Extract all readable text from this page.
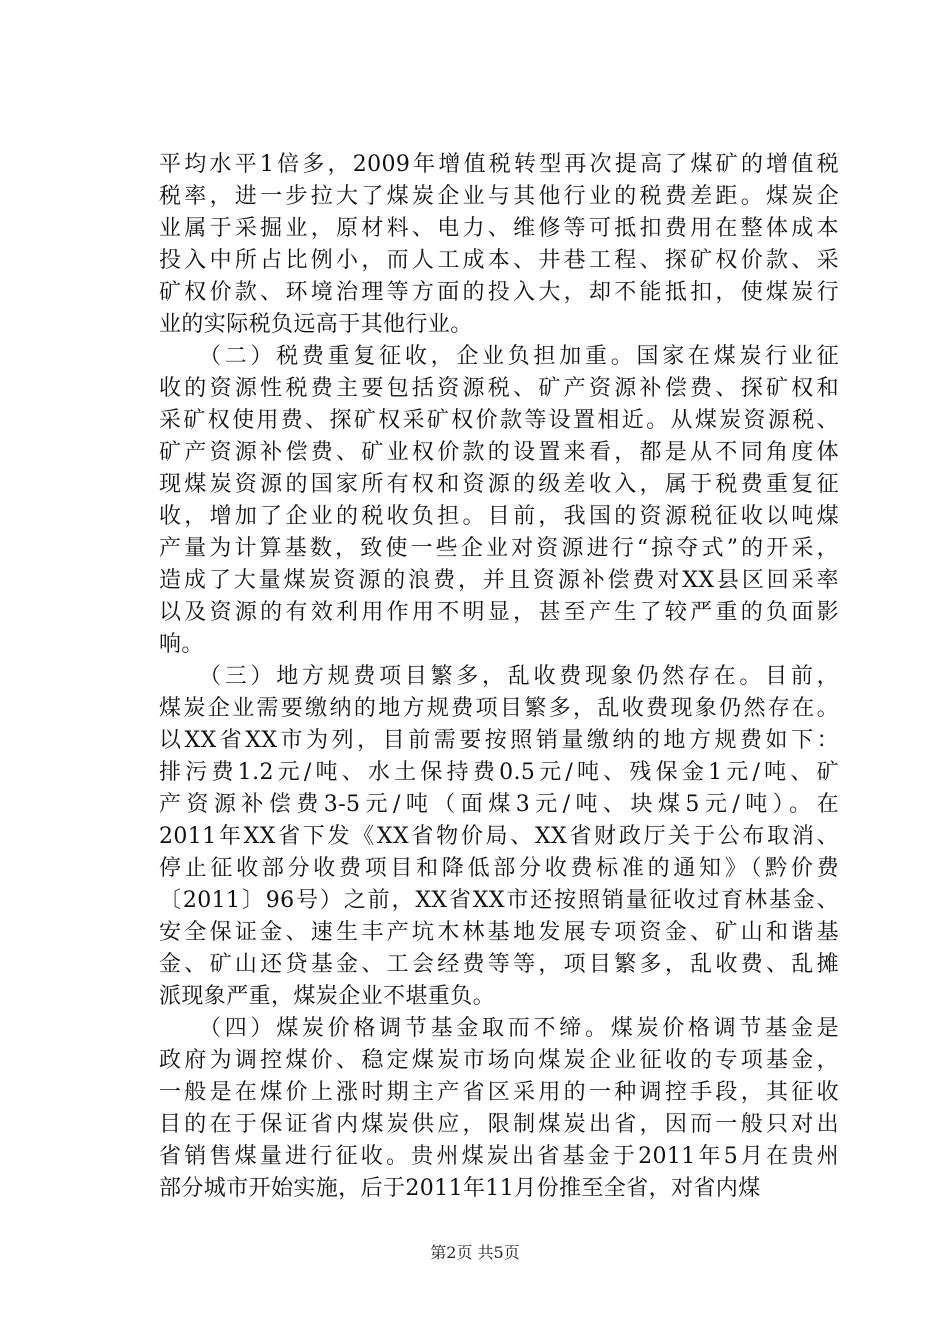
平均水平1倍多，2009年增值税转型再次提高了煤矿的增值税
税率，进一步拉大了煤炭企业与其他行业的税费差距。煤炭企
业属于采掘业，原材料、电力、维修等可抵扣费用在整体成本
投入中所占比例小，而人工成本、井巷工程、探矿权价款、采
矿权价款、环境治理等方面的投入大，却不能抵扣，使煤炭行
业的实际税负远高于其他行业。
（二）税费重复征收，企业负担加重。国家在煤炭行业征
收的资源性税费主要包括资源税、矿产资源补偿费、探矿权和
采矿权使用费、探矿权采矿权价款等设置相近。从煤炭资源税、
矿产资源补偿费、矿业权价款的设置来看，都是从不同角度体
现煤炭资源的国家所有权和资源的级差收入，属于税费重复征
收，增加了企业的税收负担。目前，我国的资源税征收以吨煤
产量为计算基数，致使一些企业对资源进行“掠夺式”的开采，
造成了大量煤炭资源的浪费，并且资源补偿费对XX县区回采率
以及资源的有效利用作用不明显，甚至产生了较严重的负面影
响。
（三）地方规费项目繁多，乱收费现象仍然存在。目前，
煤炭企业需要缴纳的地方规费项目繁多，乱收费现象仍然存在。
以XX省XX市为列，目前需要按照销量缴纳的地方规费如下：
排污费1.2元/吨、水土保持费0.5元/吨、残保金1元/吨、矿
产资源补偿费3-5元/吨（面煤3元/吨、块煤5元/吨）。在
2011年XX省下发《XX省物价局、XX省财政厅关于公布取消、
停止征收部分收费项目和降低部分收费标准的通知》（黔价费
〔2011〕96号）之前，XX省XX市还按照销量征收过育林基金、
安全保证金、速生丰产坑木林基地发展专项资金、矿山和谐基
金、矿山还贷基金、工会经费等等，项目繁多，乱收费、乱摊
派现象严重，煤炭企业不堪重负。
（四）煤炭价格调节基金取而不缔。煤炭价格调节基金是
政府为调控煤价、稳定煤炭市场向煤炭企业征收的专项基金，
一般是在煤价上涨时期主产省区采用的一种调控手段，其征收
目的在于保证省内煤炭供应，限制煤炭出省，因而一般只对出
省销售煤量进行征收。贵州煤炭出省基金于2011年5月在贵州
部分城市开始实施，后于2011年11月份推至全省，对省内煤
第2页 共5页
